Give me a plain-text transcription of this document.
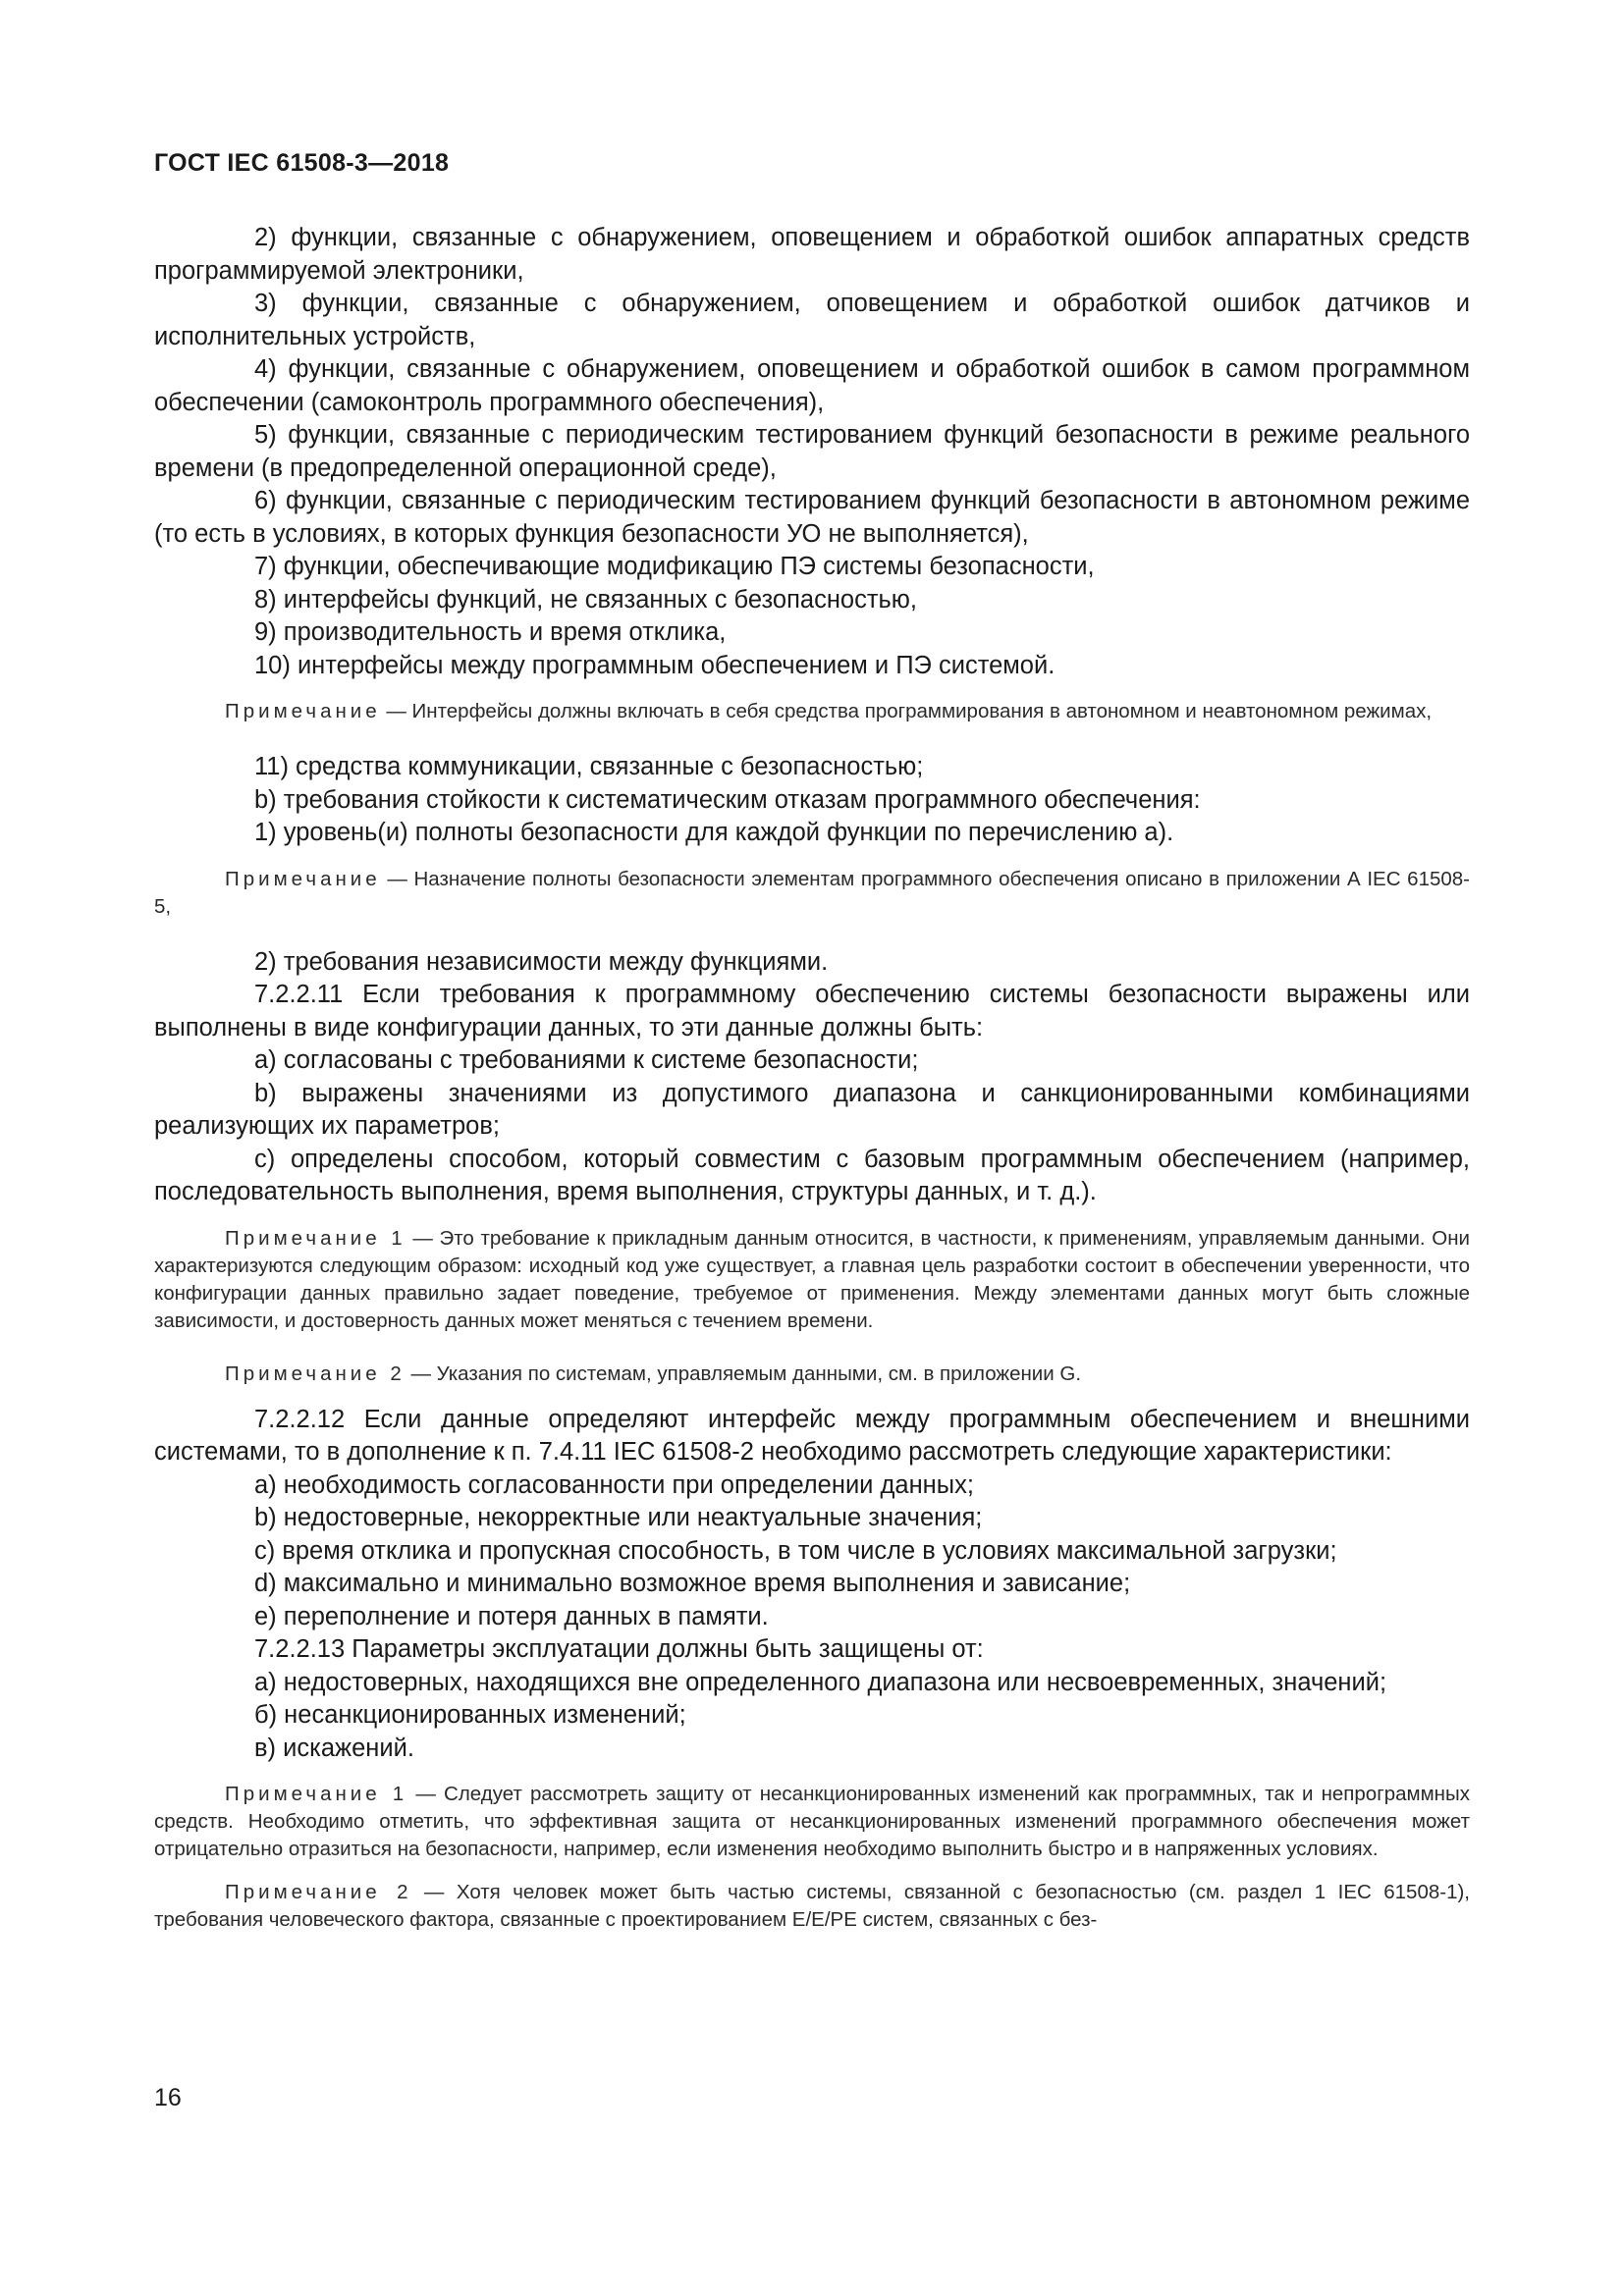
ГОСТ IEC 61508-3—2018

2) функции, связанные с обнаружением, оповещением и обработкой ошибок аппаратных средств программируемой электроники,

3) функции, связанные с обнаружением, оповещением и обработкой ошибок датчиков и исполнительных устройств,

4) функции, связанные с обнаружением, оповещением и обработкой ошибок в самом программном обеспечении (самоконтроль программного обеспечения),

5) функции, связанные с периодическим тестированием функций безопасности в режиме реального времени (в предопределенной операционной среде),

6) функции, связанные с периодическим тестированием функций безопасности в автономном режиме (то есть в условиях, в которых функция безопасности УО не выполняется),

7) функции, обеспечивающие модификацию ПЭ системы безопасности,

8) интерфейсы функций, не связанных с безопасностью,

9) производительность и время отклика,

10) интерфейсы между программным обеспечением и ПЭ системой.

Примечание — Интерфейсы должны включать в себя средства программирования в автономном и неавтономном режимах,

11) средства коммуникации, связанные с безопасностью;

b) требования стойкости к систематическим отказам программного обеспечения:

1) уровень(и) полноты безопасности для каждой функции по перечислению а).

Примечание — Назначение полноты безопасности элементам программного обеспечения описано в приложении А IEC 61508-5,

2) требования независимости между функциями.

7.2.2.11 Если требования к программному обеспечению системы безопасности выражены или выполнены в виде конфигурации данных, то эти данные должны быть:

а) согласованы с требованиями к системе безопасности;

b) выражены значениями из допустимого диапазона и санкционированными комбинациями реализующих их параметров;

c) определены способом, который совместим с базовым программным обеспечением (например, последовательность выполнения, время выполнения, структуры данных, и т. д.).

Примечание 1 — Это требование к прикладным данным относится, в частности, к применениям, управляемым данными. Они характеризуются следующим образом: исходный код уже существует, а главная цель разработки состоит в обеспечении уверенности, что конфигурации данных правильно задает поведение, требуемое от применения. Между элементами данных могут быть сложные зависимости, и достоверность данных может меняться с течением времени.

Примечание 2 — Указания по системам, управляемым данными, см. в приложении G.

7.2.2.12 Если данные определяют интерфейс между программным обеспечением и внешними системами, то в дополнение к п. 7.4.11 IEC 61508-2 необходимо рассмотреть следующие характеристики:

а) необходимость согласованности при определении данных;

b) недостоверные, некорректные или неактуальные значения;

c) время отклика и пропускная способность, в том числе в условиях максимальной загрузки;

d) максимально и минимально возможное время выполнения и зависание;

e) переполнение и потеря данных в памяти.

7.2.2.13 Параметры эксплуатации должны быть защищены от:

а) недостоверных, находящихся вне определенного диапазона или несвоевременных, значений;

б) несанкционированных изменений;

в) искажений.

Примечание 1 — Следует рассмотреть защиту от несанкционированных изменений как программных, так и непрограммных средств. Необходимо отметить, что эффективная защита от несанкционированных изменений программного обеспечения может отрицательно отразиться на безопасности, например, если изменения необходимо выполнить быстро и в напряженных условиях.

Примечание 2 — Хотя человек может быть частью системы, связанной с безопасностью (см. раздел 1 IEC 61508-1), требования человеческого фактора, связанные с проектированием E/E/PE систем, связанных с без-

16
